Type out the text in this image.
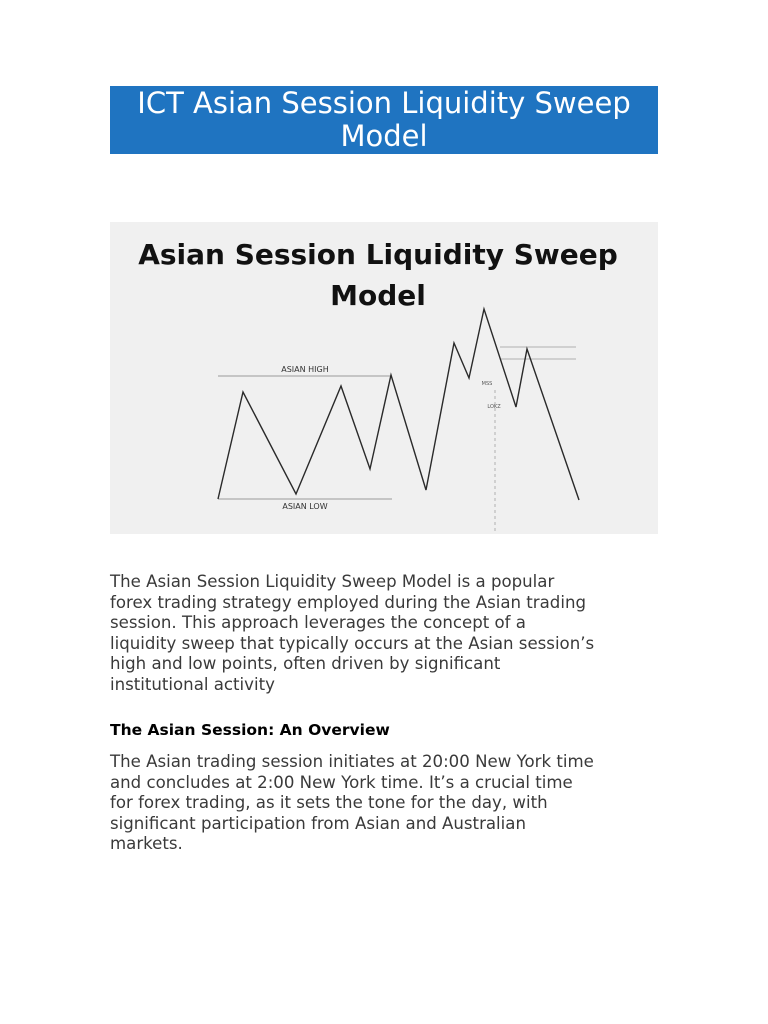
ICT Asian Session Liquidity Sweep
Model
Asian Session Liquidity Sweep
Model
ASIAN HIGH
ASIAN LOW
MSS
LOKZ
The Asian Session Liquidity Sweep Model is a popular
forex trading strategy employed during the Asian trading
session. This approach leverages the concept of a
liquidity sweep that typically occurs at the Asian session’s
high and low points, often driven by significant
institutional activity
The Asian Session: An Overview
The Asian trading session initiates at 20:00 New York time
and concludes at 2:00 New York time. It’s a crucial time
for forex trading, as it sets the tone for the day, with
significant participation from Asian and Australian
markets.
